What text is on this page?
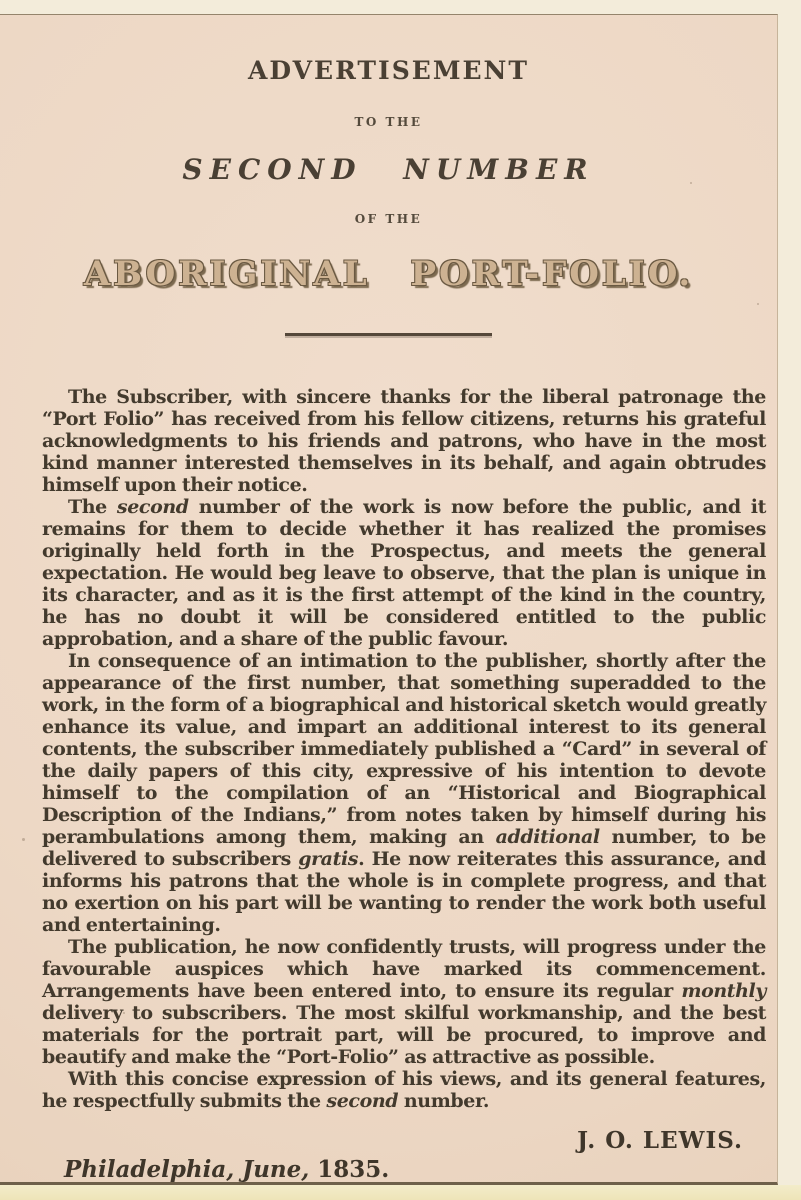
ADVERTISEMENT
TO THE
SECOND NUMBER
OF THE
ABORIGINAL PORT-FOLIO.

The Subscriber, with sincere thanks for the liberal patronage the “Port Folio” has received from his fellow citizens, returns his grateful acknowledgments to his friends and patrons, who have in the most kind manner interested themselves in its behalf, and again obtrudes himself upon their notice.

The second number of the work is now before the public, and it remains for them to decide whether it has realized the promises originally held forth in the Prospectus, and meets the general expectation. He would beg leave to observe, that the plan is unique in its character, and as it is the first attempt of the kind in the country, he has no doubt it will be considered entitled to the public approbation, and a share of the public favour.

In consequence of an intimation to the publisher, shortly after the appearance of the first number, that something superadded to the work, in the form of a biographical and historical sketch would greatly enhance its value, and impart an additional interest to its general contents, the subscriber immediately published a “Card” in several of the daily papers of this city, expressive of his intention to devote himself to the compilation of an “Historical and Biographical Description of the Indians,” from notes taken by himself during his perambulations among them, making an additional number, to be delivered to subscribers gratis. He now reiterates this assurance, and informs his patrons that the whole is in complete progress, and that no exertion on his part will be wanting to render the work both useful and entertaining.

The publication, he now confidently trusts, will progress under the favourable auspices which have marked its commencement. Arrangements have been entered into, to ensure its regular monthly delivery to subscribers. The most skilful workmanship, and the best materials for the portrait part, will be procured, to improve and beautify and make the “Port-Folio” as attractive as possible.

With this concise expression of his views, and its general features, he respectfully submits the second number.

J. O. LEWIS.
Philadelphia, June, 1835.
